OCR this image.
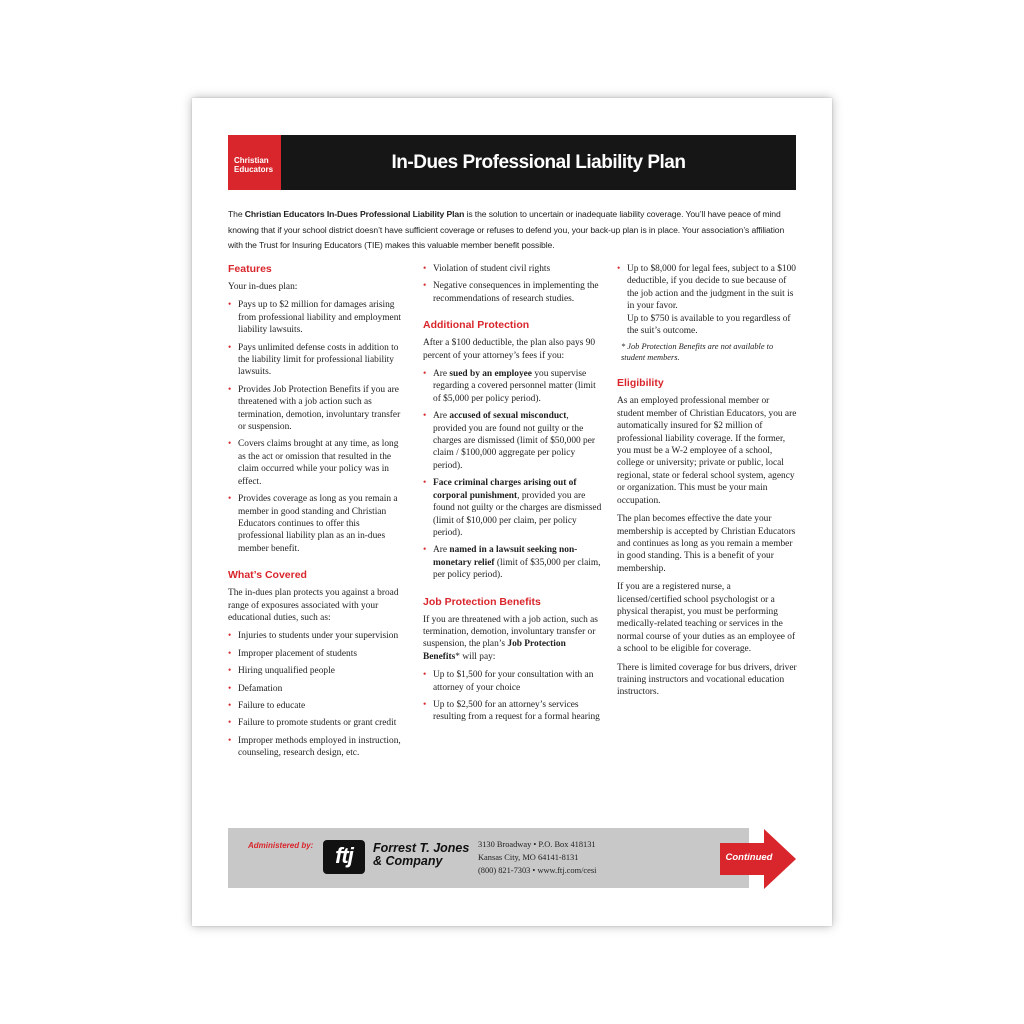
Christian
Educators	In-Dues Professional Liability Plan
The Christian Educators In-Dues Professional Liability Plan is the solution to uncertain or inadequate liability coverage. You’ll have peace of mind knowing that if your school district doesn’t have sufficient coverage or refuses to defend you, your back-up plan is in place. Your association’s affiliation with the Trust for Insuring Educators (TIE) makes this valuable member benefit possible.
Features

Your in-dues plan:

• Pays up to $2 million for damages arising from professional liability and employment liability lawsuits.
• Pays unlimited defense costs in addition to the liability limit for professional liability lawsuits.
• Provides Job Protection Benefits if you are threatened with a job action such as termination, demotion, involuntary transfer or suspension.
• Covers claims brought at any time, as long as the act or omission that resulted in the claim occurred while your policy was in effect.
• Provides coverage as long as you remain a member in good standing and Christian Educators continues to offer this professional liability plan as an in-dues member benefit.
What’s Covered

The in-dues plan protects you against a broad range of exposures associated with your educational duties, such as:

• Injuries to students under your supervision
• Improper placement of students
• Hiring unqualified people
• Defamation
• Failure to educate
• Failure to promote students or grant credit
• Improper methods employed in instruction, counseling, research design, etc.
• Violation of student civil rights
• Negative consequences in implementing the recommendations of research studies.
Additional Protection

After a $100 deductible, the plan also pays 90 percent of your attorney’s fees if you:

• Are sued by an employee you supervise regarding a covered personnel matter (limit of $5,000 per policy period).
• Are accused of sexual misconduct, provided you are found not guilty or the charges are dismissed (limit of $50,000 per claim / $100,000 aggregate per policy period).
• Face criminal charges arising out of corporal punishment, provided you are found not guilty or the charges are dismissed (limit of $10,000 per claim, per policy period).
• Are named in a lawsuit seeking non-monetary relief (limit of $35,000 per claim, per policy period).
Job Protection Benefits

If you are threatened with a job action, such as termination, demotion, involuntary transfer or suspension, the plan’s Job Protection Benefits* will pay:

• Up to $1,500 for your consultation with an attorney of your choice
• Up to $2,500 for an attorney’s services resulting from a request for a formal hearing
• Up to $8,000 for legal fees, subject to a $100 deductible, if you decide to sue because of the job action and the judgment in the suit is in your favor.
Up to $750 is available to you regardless of the suit’s outcome.

* Job Protection Benefits are not available to student members.

Eligibility

As an employed professional member or student member of Christian Educators, you are automatically insured for $2 million of professional liability coverage. If the former, you must be a W-2 employee of a school, college or university; private or public, local regional, state or federal school system, agency or organization. This must be your main occupation.

The plan becomes effective the date your membership is accepted by Christian Educators and continues as long as you remain a member in good standing. This is a benefit of your membership.

If you are a registered nurse, a licensed/certified school psychologist or a physical therapist, you must be performing medically-related teaching or services in the normal course of your duties as an employee of a school to be eligible for coverage.

There is limited coverage for bus drivers, driver training instructors and vocational education instructors.

Administered by: ftj	Forrest T. Jones
& Company
3130 Broadway • P.O. Box 418131
Kansas City, MO 64141-8131
(800) 821-7303 • www.ftj.com/cesi
Continued
